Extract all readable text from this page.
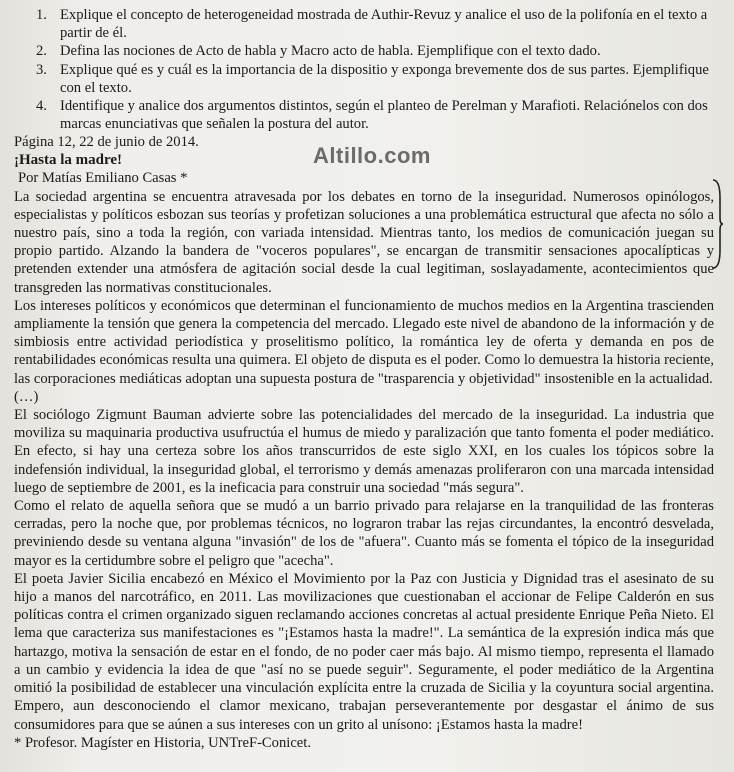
1. Explique el concepto de heterogeneidad mostrada de Authir-Revuz y analice el uso de la polifonía en el texto a partir de él.
2. Defina las nociones de Acto de habla y Macro acto de habla. Ejemplifique con el texto dado.
3. Explique qué es y cuál es la importancia de la dispositio y exponga brevemente dos de sus partes. Ejemplifique con el texto.
4. Identifique y analice dos argumentos distintos, según el planteo de Perelman y Marafioti. Relaciónelos con dos marcas enunciativas que señalen la postura del autor.
Altillo.com

Página 12, 22 de junio de 2014.

¡Hasta la madre!

Por Matías Emiliano Casas *

La sociedad argentina se encuentra atravesada por los debates en torno de la inseguridad. Numerosos opinólogos, especialistas y políticos esbozan sus teorías y profetizan soluciones a una problemática estructural que afecta no sólo a nuestro país, sino a toda la región, con variada intensidad. Mientras tanto, los medios de comunicación juegan su propio partido. Alzando la bandera de "voceros populares", se encargan de transmitir sensaciones apocalípticas y pretenden extender una atmósfera de agitación social desde la cual legitiman, soslayadamente, acontecimientos que transgreden las normativas constitucionales.

Los intereses políticos y económicos que determinan el funcionamiento de muchos medios en la Argentina trascienden ampliamente la tensión que genera la competencia del mercado. Llegado este nivel de abandono de la información y de simbiosis entre actividad periodística y proselitismo político, la romántica ley de oferta y demanda en pos de rentabilidades económicas resulta una quimera. El objeto de disputa es el poder. Como lo demuestra la historia reciente, las corporaciones mediáticas adoptan una supuesta postura de "trasparencia y objetividad" insostenible en la actualidad.

(…)

El sociólogo Zigmunt Bauman advierte sobre las potencialidades del mercado de la inseguridad. La industria que moviliza su maquinaria productiva usufructúa el humus de miedo y paralización que tanto fomenta el poder mediático. En efecto, si hay una certeza sobre los años transcurridos de este siglo XXI, en los cuales los tópicos sobre la indefensión individual, la inseguridad global, el terrorismo y demás amenazas proliferaron con una marcada intensidad luego de septiembre de 2001, es la ineficacia para construir una sociedad "más segura".

Como el relato de aquella señora que se mudó a un barrio privado para relajarse en la tranquilidad de las fronteras cerradas, pero la noche que, por problemas técnicos, no lograron trabar las rejas circundantes, la encontró desvelada, previniendo desde su ventana alguna "invasión" de los de "afuera". Cuanto más se fomenta el tópico de la inseguridad mayor es la certidumbre sobre el peligro que "acecha".

El poeta Javier Sicilia encabezó en México el Movimiento por la Paz con Justicia y Dignidad tras el asesinato de su hijo a manos del narcotráfico, en 2011. Las movilizaciones que cuestionaban el accionar de Felipe Calderón en sus políticas contra el crimen organizado siguen reclamando acciones concretas al actual presidente Enrique Peña Nieto. El lema que caracteriza sus manifestaciones es "¡Estamos hasta la madre!". La semántica de la expresión indica más que hartazgo, motiva la sensación de estar en el fondo, de no poder caer más bajo. Al mismo tiempo, representa el llamado a un cambio y evidencia la idea de que "así no se puede seguir". Seguramente, el poder mediático de la Argentina omitió la posibilidad de establecer una vinculación explícita entre la cruzada de Sicilia y la coyuntura social argentina. Empero, aun desconociendo el clamor mexicano, trabajan perseverantemente por desgastar el ánimo de sus consumidores para que se aúnen a sus intereses con un grito al unísono: ¡Estamos hasta la madre!

* Profesor. Magíster en Historia, UNTreF-Conicet.
